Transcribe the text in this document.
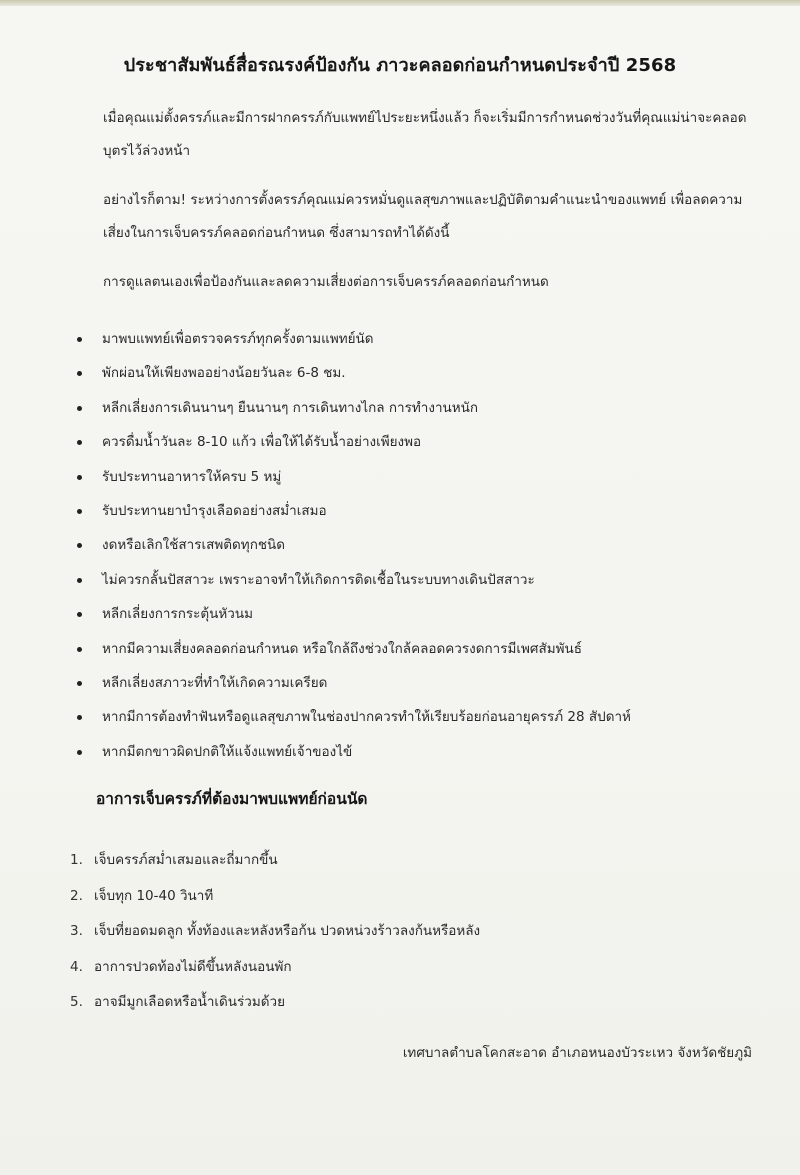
ประชาสัมพันธ์สื่อรณรงค์ป้องกัน ภาวะคลอดก่อนกำหนดประจำปี 2568
เมื่อคุณแม่ตั้งครรภ์และมีการฝากครรภ์กับแพทย์ไประยะหนึ่งแล้ว ก็จะเริ่มมีการกำหนดช่วงวันที่คุณแม่น่าจะคลอดบุตรไว้ล่วงหน้า
อย่างไรก็ตาม! ระหว่างการตั้งครรภ์คุณแม่ควรหมั่นดูแลสุขภาพและปฏิบัติตามคำแนะนำของแพทย์ เพื่อลดความเสี่ยงในการเจ็บครรภ์คลอดก่อนกำหนด ซึ่งสามารถทำได้ดังนี้
การดูแลตนเองเพื่อป้องกันและลดความเสี่ยงต่อการเจ็บครรภ์คลอดก่อนกำหนด
มาพบแพทย์เพื่อตรวจครรภ์ทุกครั้งตามแพทย์นัด
พักผ่อนให้เพียงพออย่างน้อยวันละ 6-8 ชม.
หลีกเลี่ยงการเดินนานๆ ยืนนานๆ การเดินทางไกล การทำงานหนัก
ควรดื่มน้ำวันละ 8-10 แก้ว เพื่อให้ได้รับน้ำอย่างเพียงพอ
รับประทานอาหารให้ครบ 5 หมู่
รับประทานยาบำรุงเลือดอย่างสม่ำเสมอ
งดหรือเลิกใช้สารเสพติดทุกชนิด
ไม่ควรกลั้นปัสสาวะ เพราะอาจทำให้เกิดการติดเชื้อในระบบทางเดินปัสสาวะ
หลีกเลี่ยงการกระตุ้นหัวนม
หากมีความเสี่ยงคลอดก่อนกำหนด หรือใกล้ถึงช่วงใกล้คลอดควรงดการมีเพศสัมพันธ์
หลีกเลี่ยงสภาวะที่ทำให้เกิดความเครียด
หากมีการต้องทำฟันหรือดูแลสุขภาพในช่องปากควรทำให้เรียบร้อยก่อนอายุครรภ์ 28 สัปดาห์
หากมีตกขาวผิดปกติให้แจ้งแพทย์เจ้าของไข้
อาการเจ็บครรภ์ที่ต้องมาพบแพทย์ก่อนนัด
1. เจ็บครรภ์สม่ำเสมอและถี่มากขึ้น
2. เจ็บทุก 10-40 วินาที
3. เจ็บที่ยอดมดลูก ทั้งท้องและหลังหรือก้น ปวดหน่วงร้าวลงก้นหรือหลัง
4. อาการปวดท้องไม่ดีขึ้นหลังนอนพัก
5. อาจมีมูกเลือดหรือน้ำเดินร่วมด้วย
เทศบาลตำบลโคกสะอาด อำเภอหนองบัวระเหว จังหวัดชัยภูมิ
